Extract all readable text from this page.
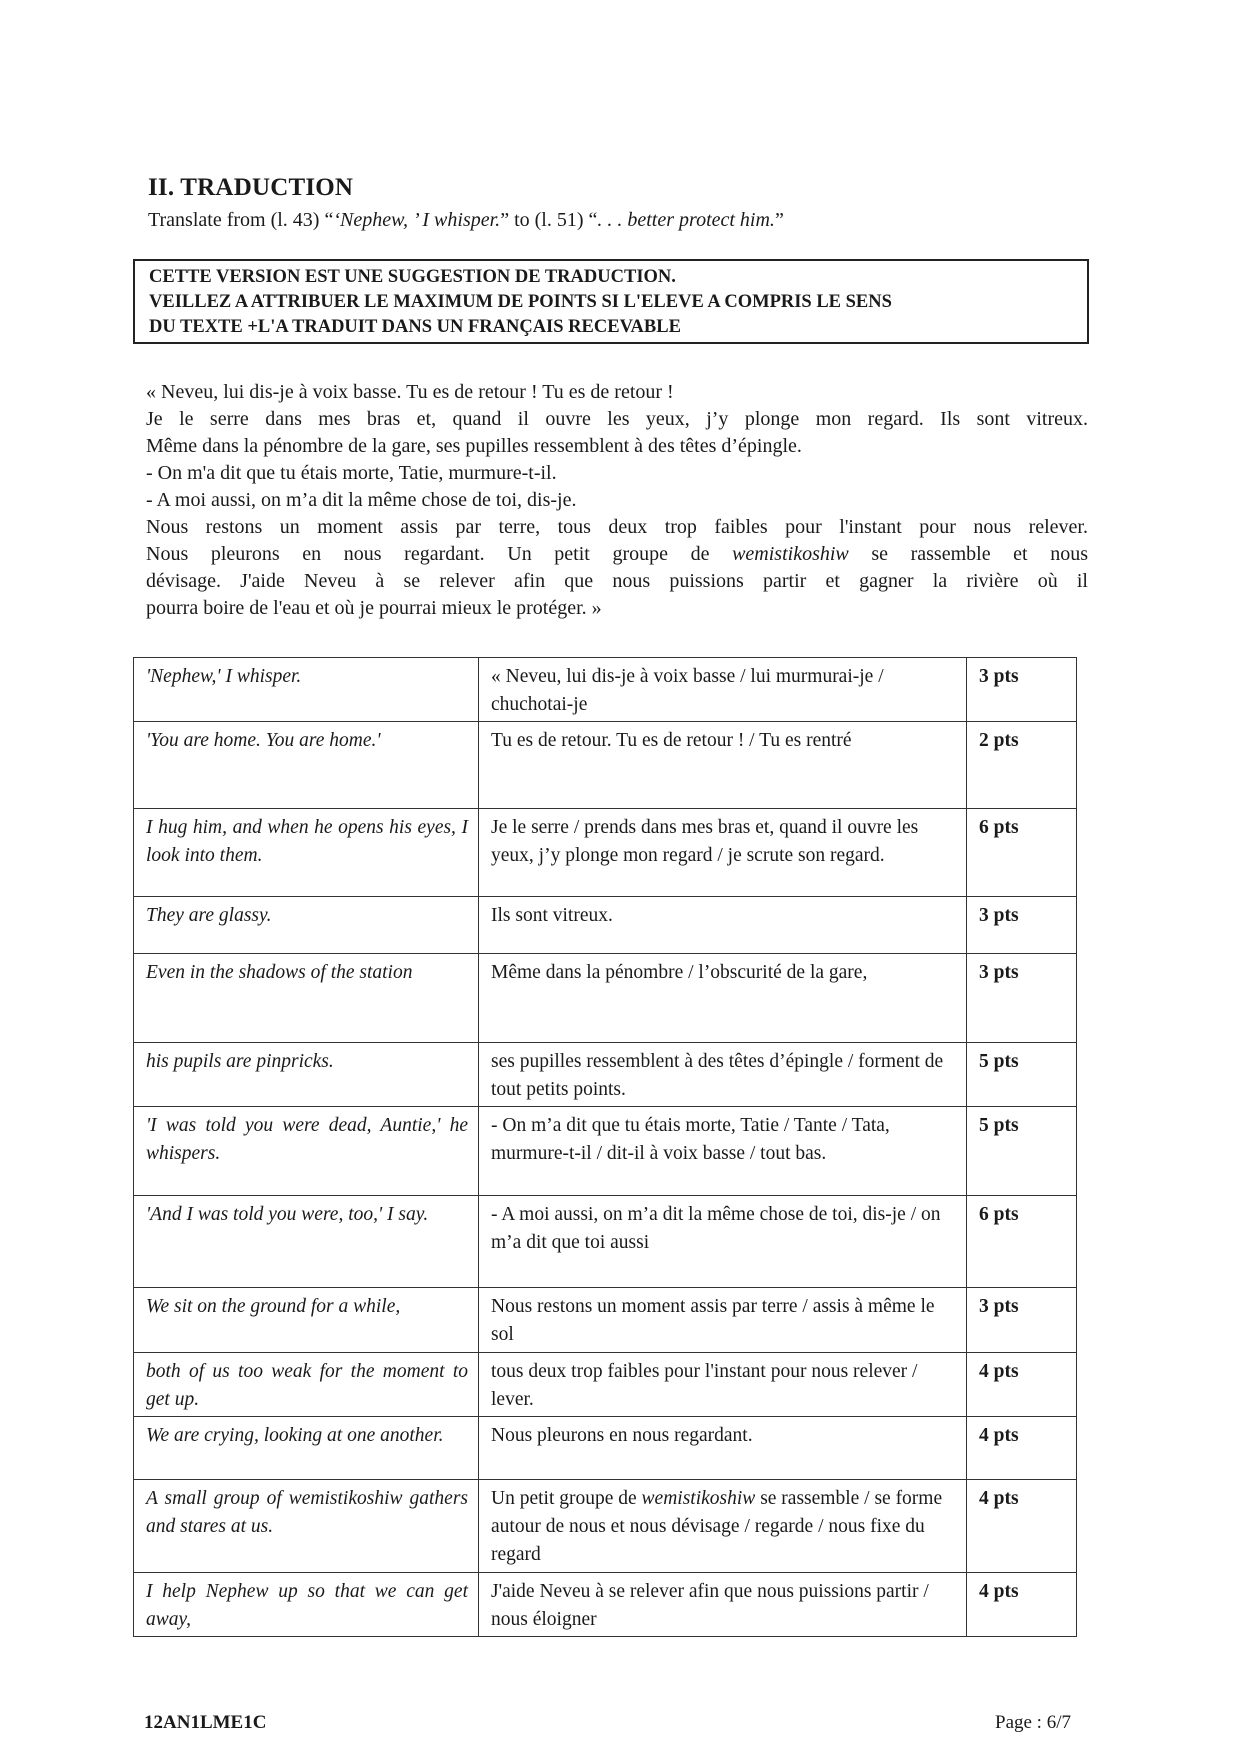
II. TRADUCTION
Translate from (l. 43) “‘Nephew, ’ I whisper.” to (l. 51) “. . . better protect him.”
CETTE VERSION EST UNE SUGGESTION DE TRADUCTION.
VEILLEZ A ATTRIBUER LE MAXIMUM DE POINTS SI L'ELEVE A COMPRIS LE SENS
DU TEXTE +L'A TRADUIT DANS UN FRANÇAIS RECEVABLE

« Neveu, lui dis-je à voix basse. Tu es de retour ! Tu es de retour !

Je le serre dans mes bras et, quand il ouvre les yeux, j’y plonge mon regard. Ils sont vitreux.

Même dans la pénombre de la gare, ses pupilles ressemblent à des têtes d’épingle.

- On m'a dit que tu étais morte, Tatie, murmure-t-il.

- A moi aussi, on m’a dit la même chose de toi, dis-je.

Nous restons un moment assis par terre, tous deux trop faibles pour l'instant pour nous relever.

Nous pleurons en nous regardant. Un petit groupe de wemistikoshiw se rassemble et nous

dévisage. J'aide Neveu à se relever afin que nous puissions partir et gagner la rivière où il

pourra boire de l'eau et où je pourrai mieux le protéger. »

'Nephew,' I whisper.	« Neveu, lui dis-je à voix basse / lui murmurai-je / chuchotai-je	3 pts
'You are home. You are home.'	Tu es de retour. Tu es de retour ! / Tu es rentré	2 pts
I hug him, and when he opens his eyes, I look into them.	Je le serre / prends dans mes bras et, quand il ouvre les yeux, j’y plonge mon regard / je scrute son regard.	6 pts
They are glassy.	Ils sont vitreux.	3 pts
Even in the shadows of the station	Même dans la pénombre / l’obscurité de la gare,	3 pts
his pupils are pinpricks.	ses pupilles ressemblent à des têtes d’épingle / forment de tout petits points.	5 pts
'I was told you were dead, Auntie,' he whispers.	- On m’a dit que tu étais morte, Tatie / Tante / Tata, murmure-t-il / dit-il à voix basse / tout bas.	5 pts
'And I was told you were, too,' I say.	- A moi aussi, on m’a dit la même chose de toi, dis-je / on m’a dit que toi aussi	6 pts
We sit on the ground for a while,	Nous restons un moment assis par terre / assis à même le sol	3 pts
both of us too weak for the moment to get up.	tous deux trop faibles pour l'instant pour nous relever / lever.	4 pts
We are crying, looking at one another.	Nous pleurons en nous regardant.	4 pts
A small group of wemistikoshiw gathers and stares at us.	Un petit groupe de wemistikoshiw se rassemble / se forme autour de nous et nous dévisage / regarde / nous fixe du regard	4 pts
I help Nephew up so that we can get away,	J'aide Neveu à se relever afin que nous puissions partir / nous éloigner	4 pts
12AN1LME1C	Page : 6/7
